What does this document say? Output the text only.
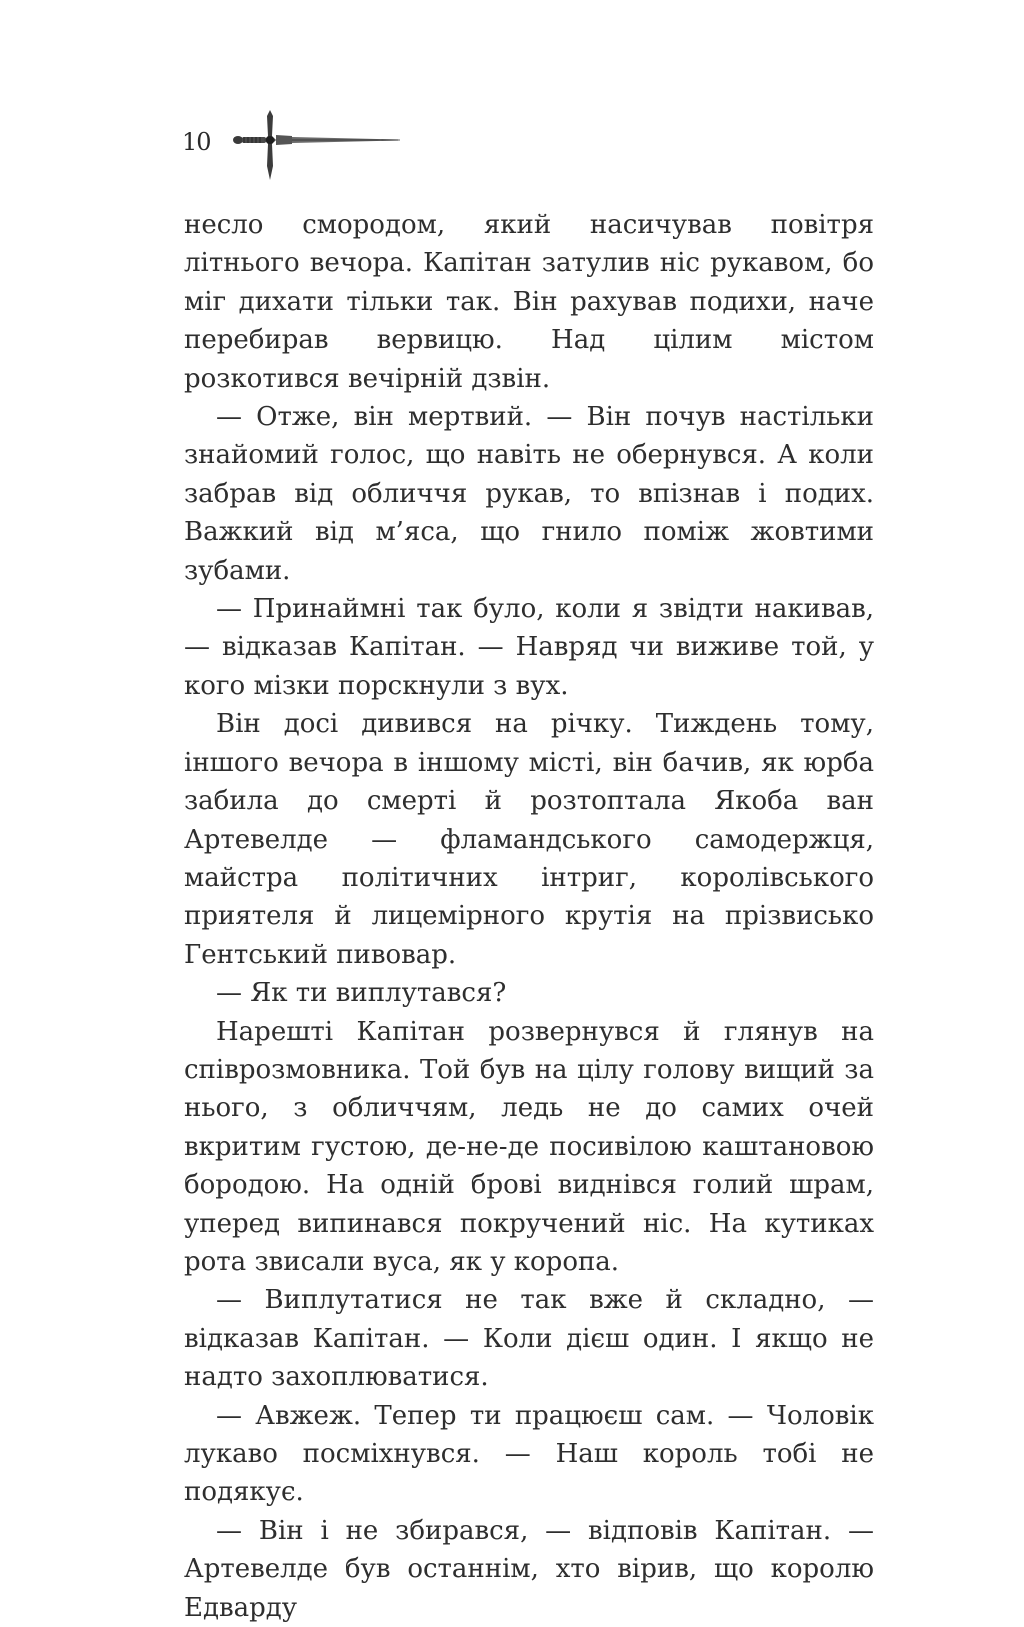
10

несло смородом, який насичував повітря літнього вечора. Капітан затулив ніс рукавом, бо міг дихати тільки так. Він рахував подихи, наче перебирав вервицю. Над цілим містом розкотився вечірній дзвін.

— Отже, він мертвий. — Він почув настільки знайомий голос, що навіть не обернувся. А коли забрав від обличчя рукав, то впізнав і подих. Важкий від м’яса, що гнило поміж жовтими зубами.

— Принаймні так було, коли я звідти накивав, — відказав Капітан. — Навряд чи виживе той, у кого мізки порскнули з вух.

Він досі дивився на річку. Тиждень тому, іншого вечора в іншому місті, він бачив, як юрба забила до смерті й розтоптала Якоба ван Артевелде — фламандського самодержця, майстра політичних інтриг, королівського приятеля й лицемірного крутія на прізвисько Гентський пивовар.

— Як ти виплутався?

Нарешті Капітан розвернувся й глянув на співрозмовника. Той був на цілу голову вищий за нього, з обличчям, ледь не до самих очей вкритим густою, де-не-де посивілою каштановою бородою. На одній брові виднівся голий шрам, уперед випинався покручений ніс. На кутиках рота звисали вуса, як у коропа.

— Виплутатися не так вже й складно, — відказав Капітан. — Коли дієш один. І якщо не надто захоплюватися.

— Авжеж. Тепер ти працюєш сам. — Чоловік лукаво посміхнувся. — Наш король тобі не подякує.

— Він і не збирався, — відповів Капітан. — Артевелде був останнім, хто вірив, що королю Едварду
